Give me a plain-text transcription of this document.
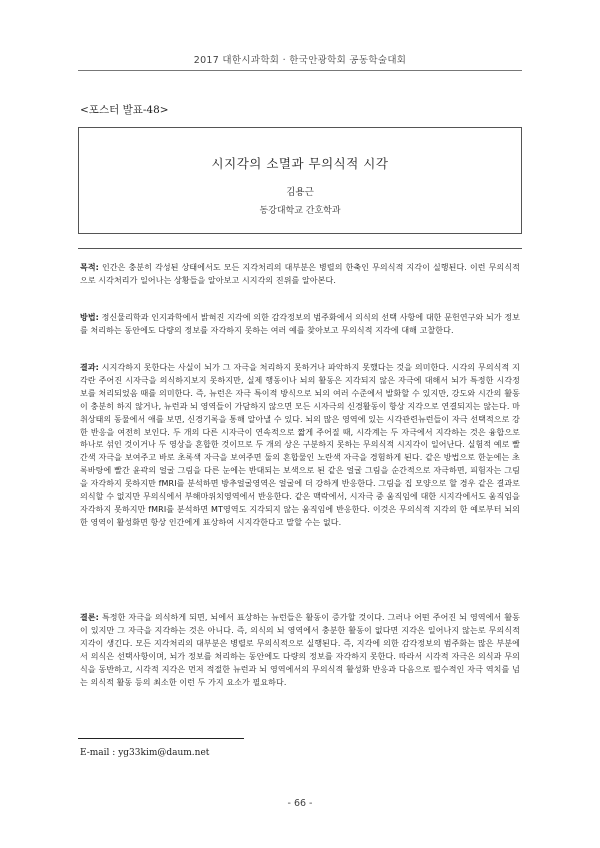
2017 대한시과학회 · 한국안광학회 공동학술대회
<포스터 발표-48>
시지각의 소멸과 무의식적 시각

김용근

동강대학교 간호학과

목적: 인간은 충분히 각성된 상태에서도 모든 지각처리의 대부분은 병렬의 한축인 무의식적 지각이 실행된다. 이런 무의식적으로 시각처리가 일어나는 상황들을 알아보고 시지각의 진위를 알아본다.

방법: 정신물리학과 인지과학에서 밝혀진 지각에 의한 감각정보의 범주화에서 의식의 선택 사항에 대한 문헌연구와 뇌가 정보를 처리하는 동안에도 다량의 정보를 자각하지 못하는 여러 예를 찾아보고 무의식적 지각에 대해 고찰한다.

결과: 시지각하지 못한다는 사실이 뇌가 그 자극을 처리하지 못하거나 파악하지 못했다는 것을 의미한다. 시각의 무의식적 지각란 주어진 시자극을 의식하지보지 못하지만, 실제 행동이나 뇌의 활동은 지각되지 않은 자극에 대해서 뇌가 특정한 시각정보를 처리되었음 때를 의미한다. 즉, 뉴런은 자극 특이적 방식으로 뇌의 여러 수준에서 발화할 수 있지만, 강도와 시간의 활동이 충분히 하지 않거나, 뉴런과 뇌 영역들이 가담하지 않으면 모든 시자극의 신경활동이 항상 지각으로 연결되지는 않는다. 마취상태의 동물에서 애를 보면, 신경기록을 통해 알아낼 수 있다. 뇌의 많은 영역에 있는 시각관련뉴런들이 자극 선택적으로 강한 반응을 여전히 보인다. 두 개의 다른 시자극이 연속적으로 짧게 주어질 때, 시각계는 두 자극에서 지각하는 것은 융합으로 하나로 섞인 것이거나 두 영상을 혼합한 것이므로 두 개의 상은 구분하지 못하는 무의식적 시지각이 일어난다. 실험적 예로 빨간색 자극을 보여주고 바로 초록색 자극을 보여주면 둘의 혼합물인 노란색 자극을 경험하게 된다. 같은 방법으로 한눈에는 초록바탕에 빨간 윤곽의 얼굴 그림을 다른 눈에는 반대되는 보색으로 된 같은 얼굴 그림을 순간적으로 자극하면, 피험자는 그림을 자각하지 못하지만 fMRI를 분석하면 방추얼굴영역은 얼굴에 더 강하게 반응한다. 그림을 집 모양으로 할 경우 같은 결과로 의식할 수 없지만 무의식에서 부해마위치영역에서 반응한다. 같은 맥락에서, 시자극 중 움직임에 대한 시지각에서도 움직임을 자각하지 못하지만 fMRI를 분석하면 MT영역도 지각되지 않는 움직임에 반응한다. 이것은 무의식적 지각의 한 예로부터 뇌의 한 영역이 활성화면 항상 인간에게 표상하여 시지각한다고 말할 수는 없다.

결론: 특정한 자극을 의식하게 되면, 뇌에서 표상하는 뉴런들은 활동이 증가할 것이다. 그러나 어떤 주어진 뇌 영역에서 활동이 있지만 그 자극을 지각하는 것은 아니다. 즉, 의식의 뇌 영역에서 충분한 활동이 없다면 지각은 일어나지 않는로 무의식적 지각이 생긴다. 모든 지각처리의 대부분은 병렬로 무의식적으로 실행된다. 즉, 지각에 의한 감각정보의 범주화는 많은 부분에서 의식은 선택사항이며, 뇌가 정보를 처리하는 동안에도 다량의 정보를 자각하지 못한다. 따라서 시각적 자극은 의식과 무의식을 동반하고, 시각적 지각은 먼저 적절한 뉴런과 뇌 영역에서의 무의식적 활성화 반응과 다음으로 필수적인 자극 역치를 넘는 의식적 활동 등의 최소한 이런 두 가지 요소가 필요하다.

E-mail : yg33kim@daum.net
- 66 -
